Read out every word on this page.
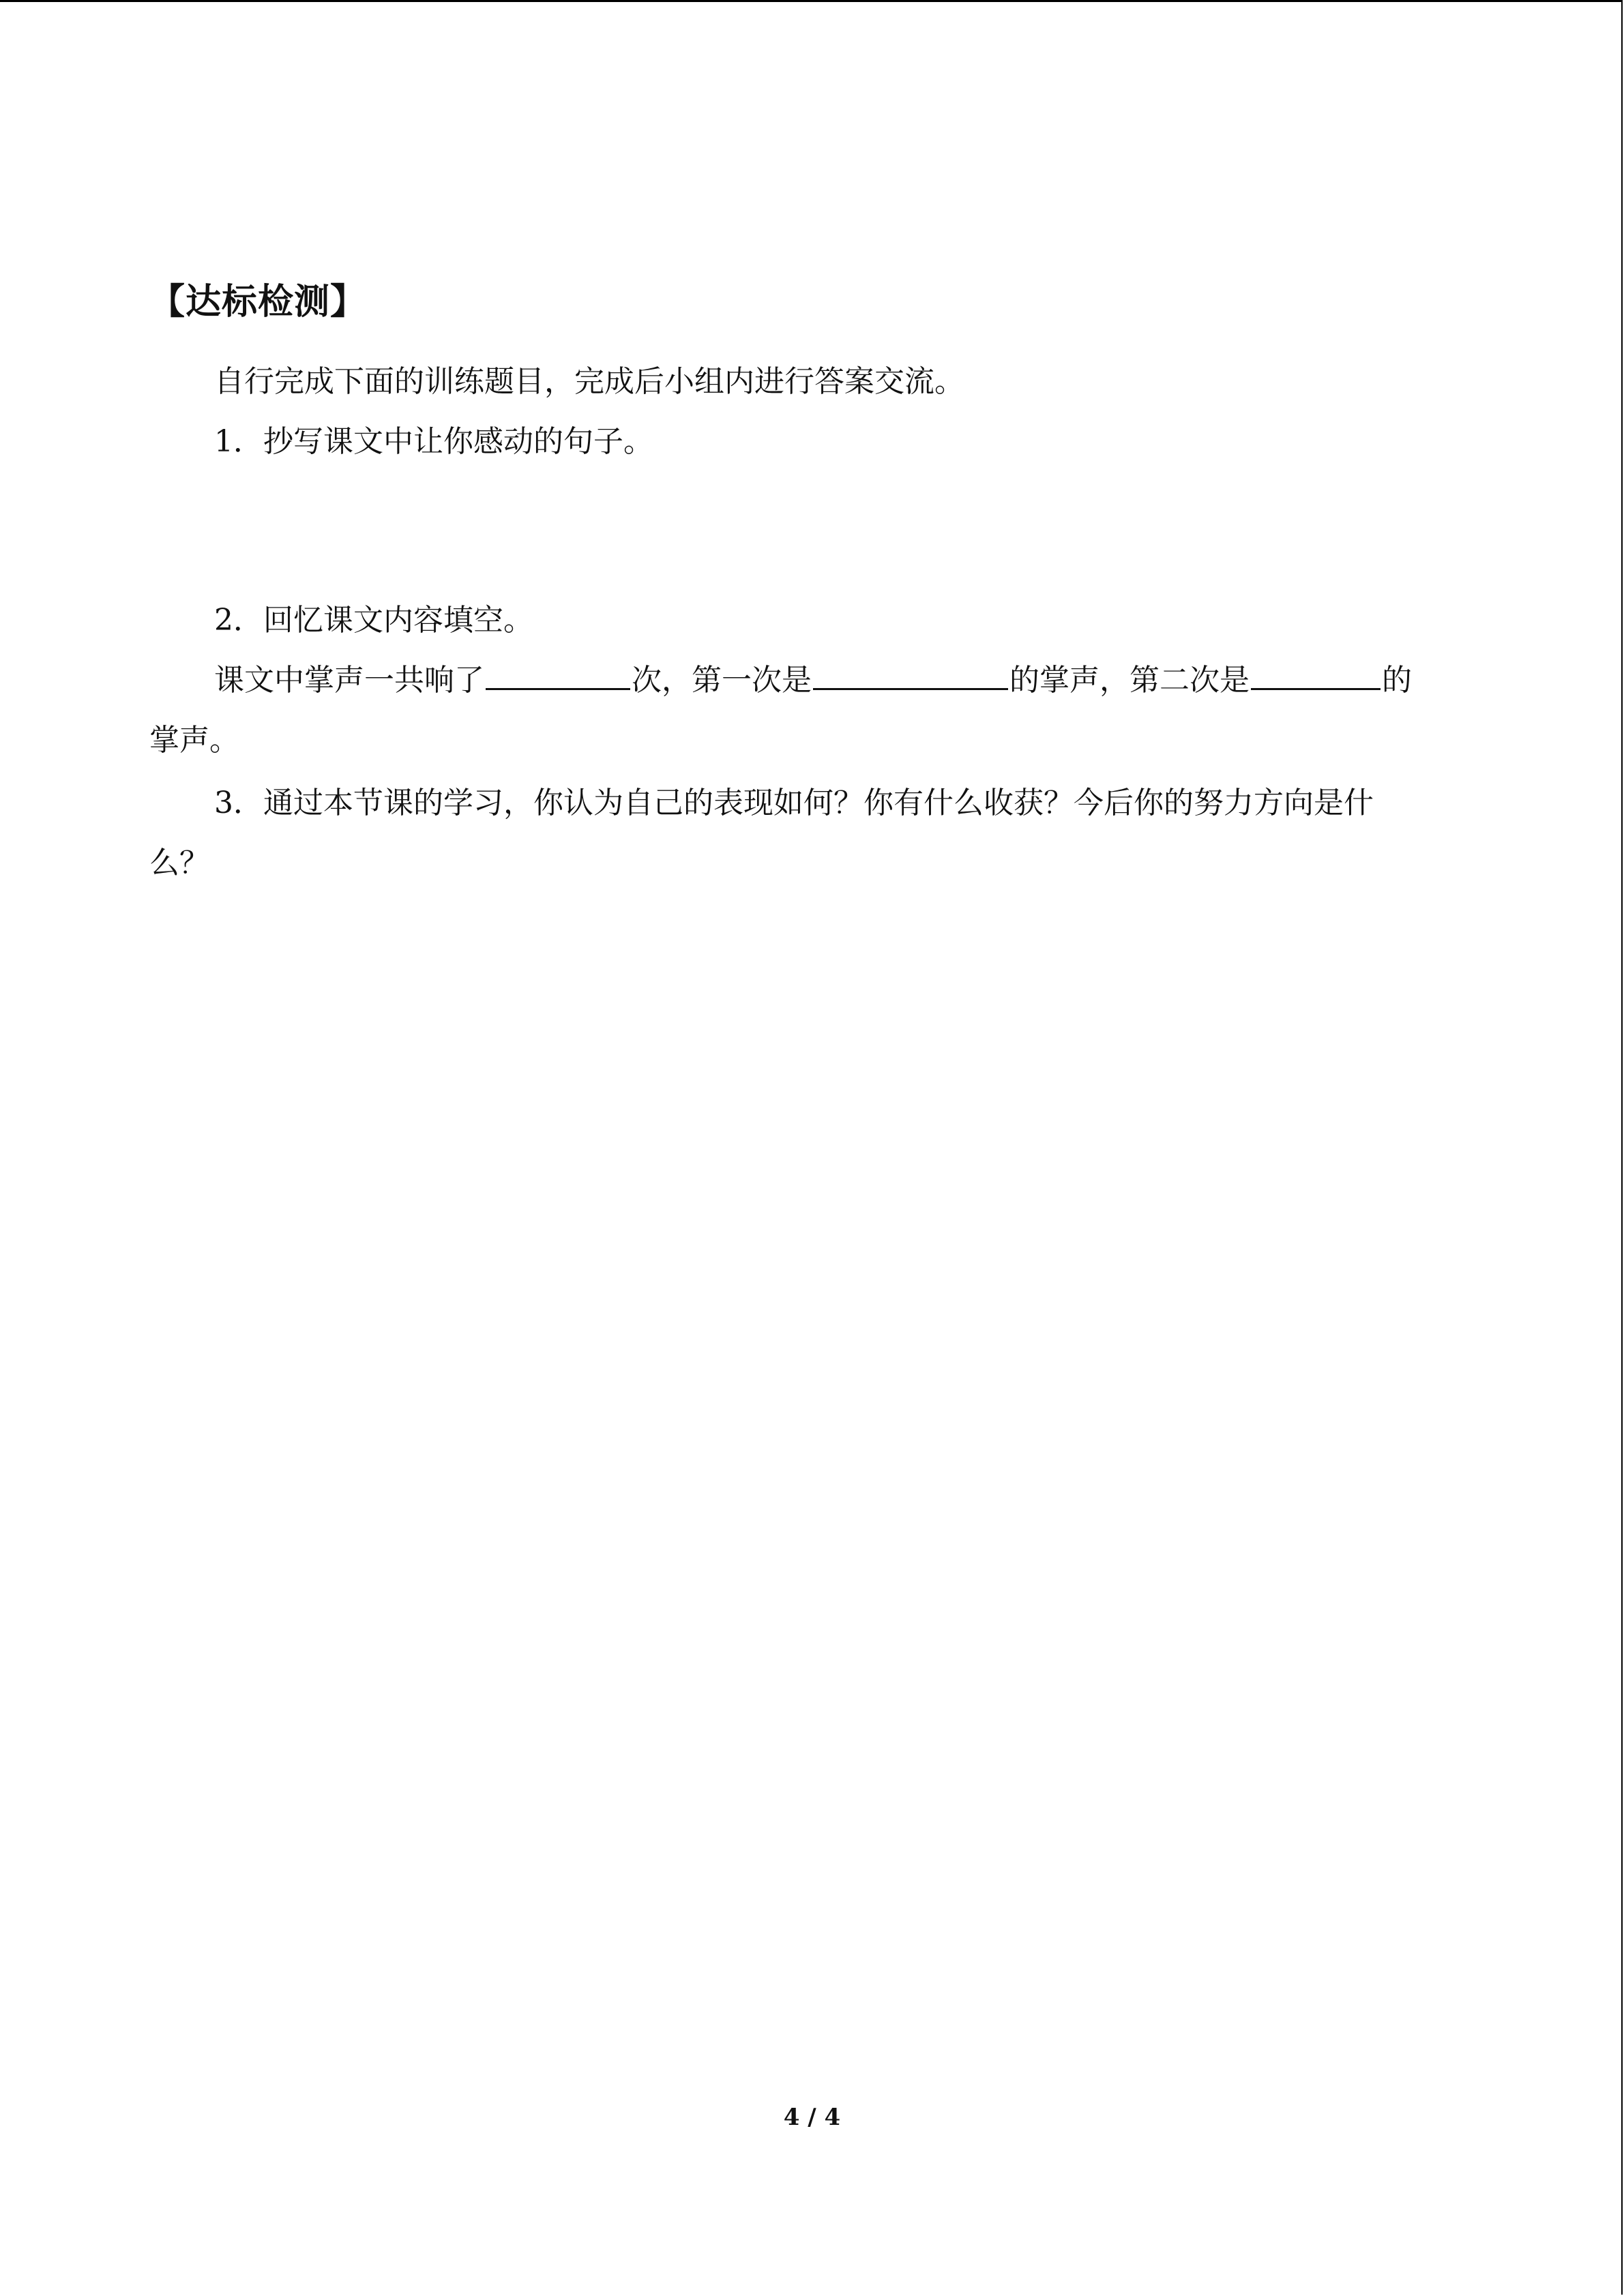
【达标检测】

自行完成下面的训练题目，完成后小组内进行答案交流。

1．抄写课文中让你感动的句子。

2．回忆课文内容填空。

课文中掌声一共响了	次，第一次是	的掌声，第二次是	的

掌声。

3．通过本节课的学习，你认为自己的表现如何？你有什么收获？今后你的努力方向是什

么？

4 / 4
